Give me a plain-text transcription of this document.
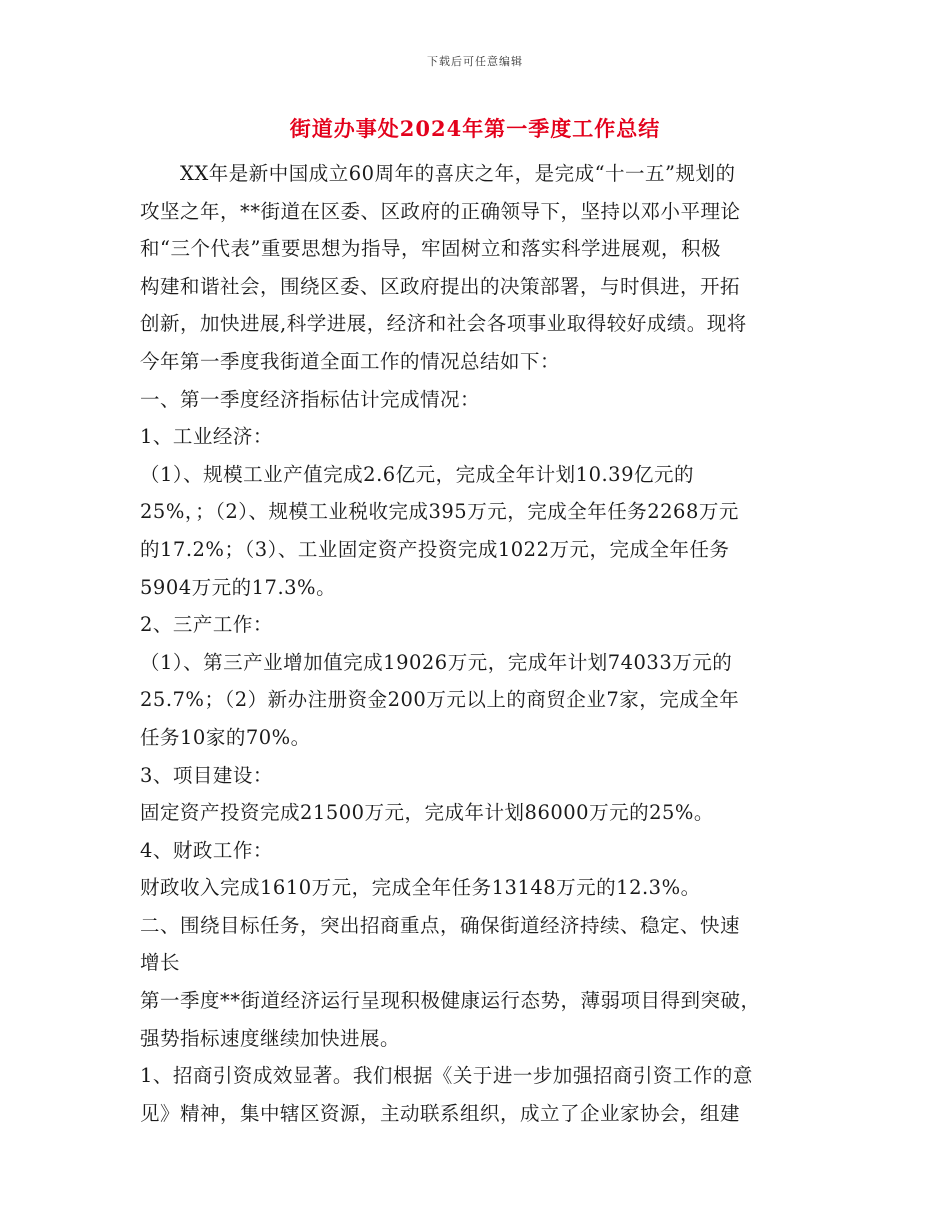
下载后可任意编辑
街道办事处2024年第一季度工作总结
XX年是新中国成立60周年的喜庆之年，是完成“十一五”规划的
攻坚之年，**街道在区委、区政府的正确领导下，坚持以邓小平理论
和“三个代表”重要思想为指导，牢固树立和落实科学进展观，积极
构建和谐社会，围绕区委、区政府提出的决策部署，与时俱进，开拓
创新，加快进展,科学进展，经济和社会各项事业取得较好成绩。现将
今年第一季度我街道全面工作的情况总结如下：
一、第一季度经济指标估计完成情况：
1、工业经济：
（1）、规模工业产值完成2.6亿元，完成全年计划10.39亿元的
25%，；（2）、规模工业税收完成395万元，完成全年任务2268万元
的17.2%；（3）、工业固定资产投资完成1022万元，完成全年任务
5904万元的17.3%。
2、三产工作：
（1）、第三产业增加值完成19026万元，完成年计划74033万元的
25.7%；（2）新办注册资金200万元以上的商贸企业7家，完成全年
任务10家的70%。
3、项目建设：
固定资产投资完成21500万元，完成年计划86000万元的25%。
4、财政工作：
财政收入完成1610万元，完成全年任务13148万元的12.3%。
二、围绕目标任务，突出招商重点，确保街道经济持续、稳定、快速
增长
第一季度**街道经济运行呈现积极健康运行态势，薄弱项目得到突破，
强势指标速度继续加快进展。
1、招商引资成效显著。我们根据《关于进一步加强招商引资工作的意
见》精神，集中辖区资源，主动联系组织，成立了企业家协会，组建
